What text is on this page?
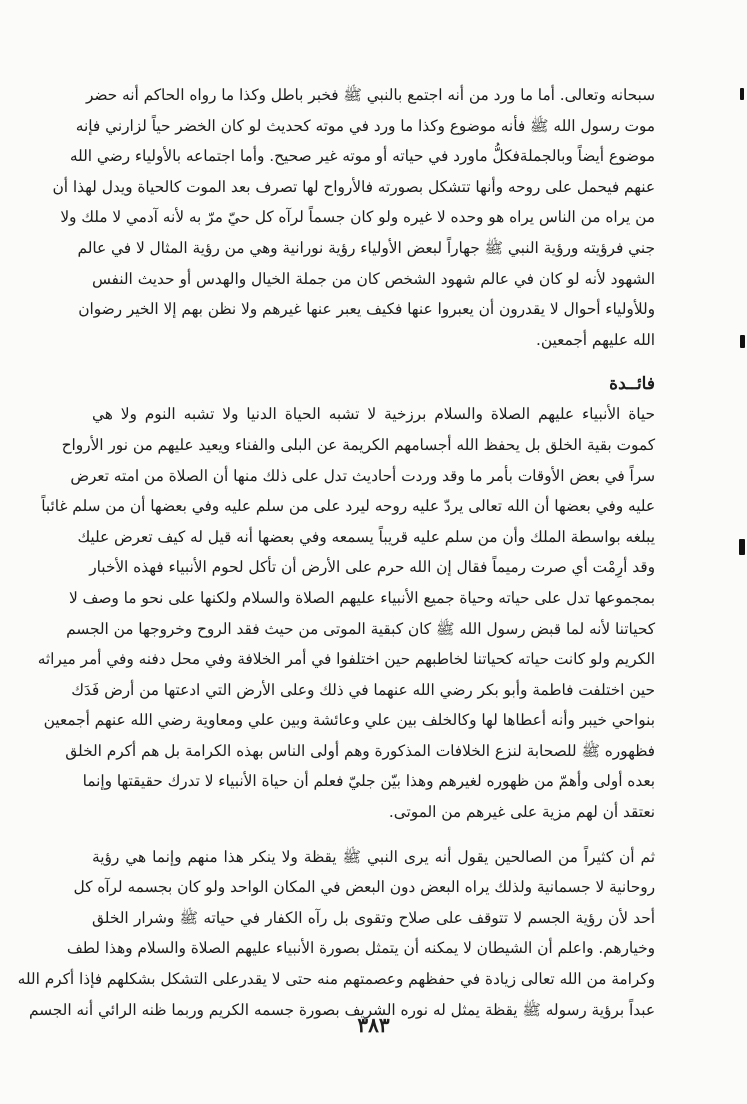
سبحانه وتعالى. أما ما ورد من أنه اجتمع بالنبي ﷺ فخبر باطل وكذا ما رواه الحاكم أنه حضر
موت رسول الله ﷺ فأنه موضوع وكذا ما ورد في موته كحديث لو كان الخضر حياً لزارني فإنه
موضوع أيضاً وبالجملةفكلُّ ماورد في حياته أو موته غير صحيح. وأما اجتماعه بالأولياء رضي الله
عنهم فيحمل على روحه وأنها تتشكل بصورته فالأرواح لها تصرف بعد الموت كالحياة ويدل لهذا أن
من يراه من الناس يراه هو وحده لا غيره ولو كان جسماً لرآه كل حيّ مرّ به لأنه آدمي لا ملك ولا
جني فرؤيته ورؤية النبي ﷺ جهاراً لبعض الأولياء رؤية نورانية وهي من رؤية المثال لا في عالم
الشهود لأنه لو كان في عالم شهود الشخص كان من جملة الخيال والهدس أو حديث النفس
وللأولياء أحوال لا يقدرون أن يعبروا عنها فكيف يعبر عنها غيرهم ولا نظن بهم إلا الخير رضوان
الله عليهم أجمعين.
فائــدة
حياة الأنبياء عليهم الصلاة والسلام برزخية لا تشبه الحياة الدنيا ولا تشبه النوم ولا هي
كموت بقية الخلق بل يحفظ الله أجسامهم الكريمة عن البلى والفناء ويعيد عليهم من نور الأرواح
سراً في بعض الأوقات بأمر ما وقد وردت أحاديث تدل على ذلك منها أن الصلاة من امته تعرض
عليه وفي بعضها أن الله تعالى يردّ عليه روحه ليرد على من سلم عليه وفي بعضها أن من سلم غائباً
يبلغه بواسطة الملك وأن من سلم عليه قريباً يسمعه وفي بعضها أنه قيل له كيف تعرض عليك
وقد أرِمْت أي صرت رميماً فقال إن الله حرم على الأرض أن تأكل لحوم الأنبياء فهذه الأخبار
بمجموعها تدل على حياته وحياة جميع الأنبياء عليهم الصلاة والسلام ولكنها على نحو ما وصف لا
كحياتنا لأنه لما قبض رسول الله ﷺ كان كبقية الموتى من حيث فقد الروح وخروجها من الجسم
الكريم ولو كانت حياته كحياتنا لخاطبهم حين اختلفوا في أمر الخلافة وفي محل دفنه وفي أمر ميراثه
حين اختلفت فاطمة وأبو بكر رضي الله عنهما في ذلك وعلى الأرض التي ادعتها من أرض فَدَك
بنواحي خيبر وأنه أعطاها لها وكالخلف بين علي وعائشة وبين علي ومعاوية رضي الله عنهم أجمعين
فظهوره ﷺ للصحابة لنزع الخلافات المذكورة وهم أولى الناس بهذه الكرامة بل هم أكرم الخلق
بعده أولى وأهمّ من ظهوره لغيرهم وهذا بيّن جليّ فعلم أن حياة الأنبياء لا تدرك حقيقتها وإنما
نعتقد أن لهم مزية على غيرهم من الموتى.
ثم أن كثيراً من الصالحين يقول أنه يرى النبي ﷺ يقظة ولا ينكر هذا منهم وإنما هي رؤية
روحانية لا جسمانية ولذلك يراه البعض دون البعض في المكان الواحد ولو كان بجسمه لرآه كل
أحد لأن رؤية الجسم لا تتوقف على صلاح وتقوى بل رآه الكفار في حياته ﷺ وشرار الخلق
وخيارهم. واعلم أن الشيطان لا يمكنه أن يتمثل بصورة الأنبياء عليهم الصلاة والسلام وهذا لطف
وكرامة من الله تعالى زيادة في حفظهم وعصمتهم منه حتى لا يقدرعلى التشكل بشكلهم فإذا أكرم الله
عبداً برؤية رسوله ﷺ يقظة يمثل له نوره الشريف بصورة جسمه الكريم وربما ظنه الرائي أنه الجسم
٣٨٣
